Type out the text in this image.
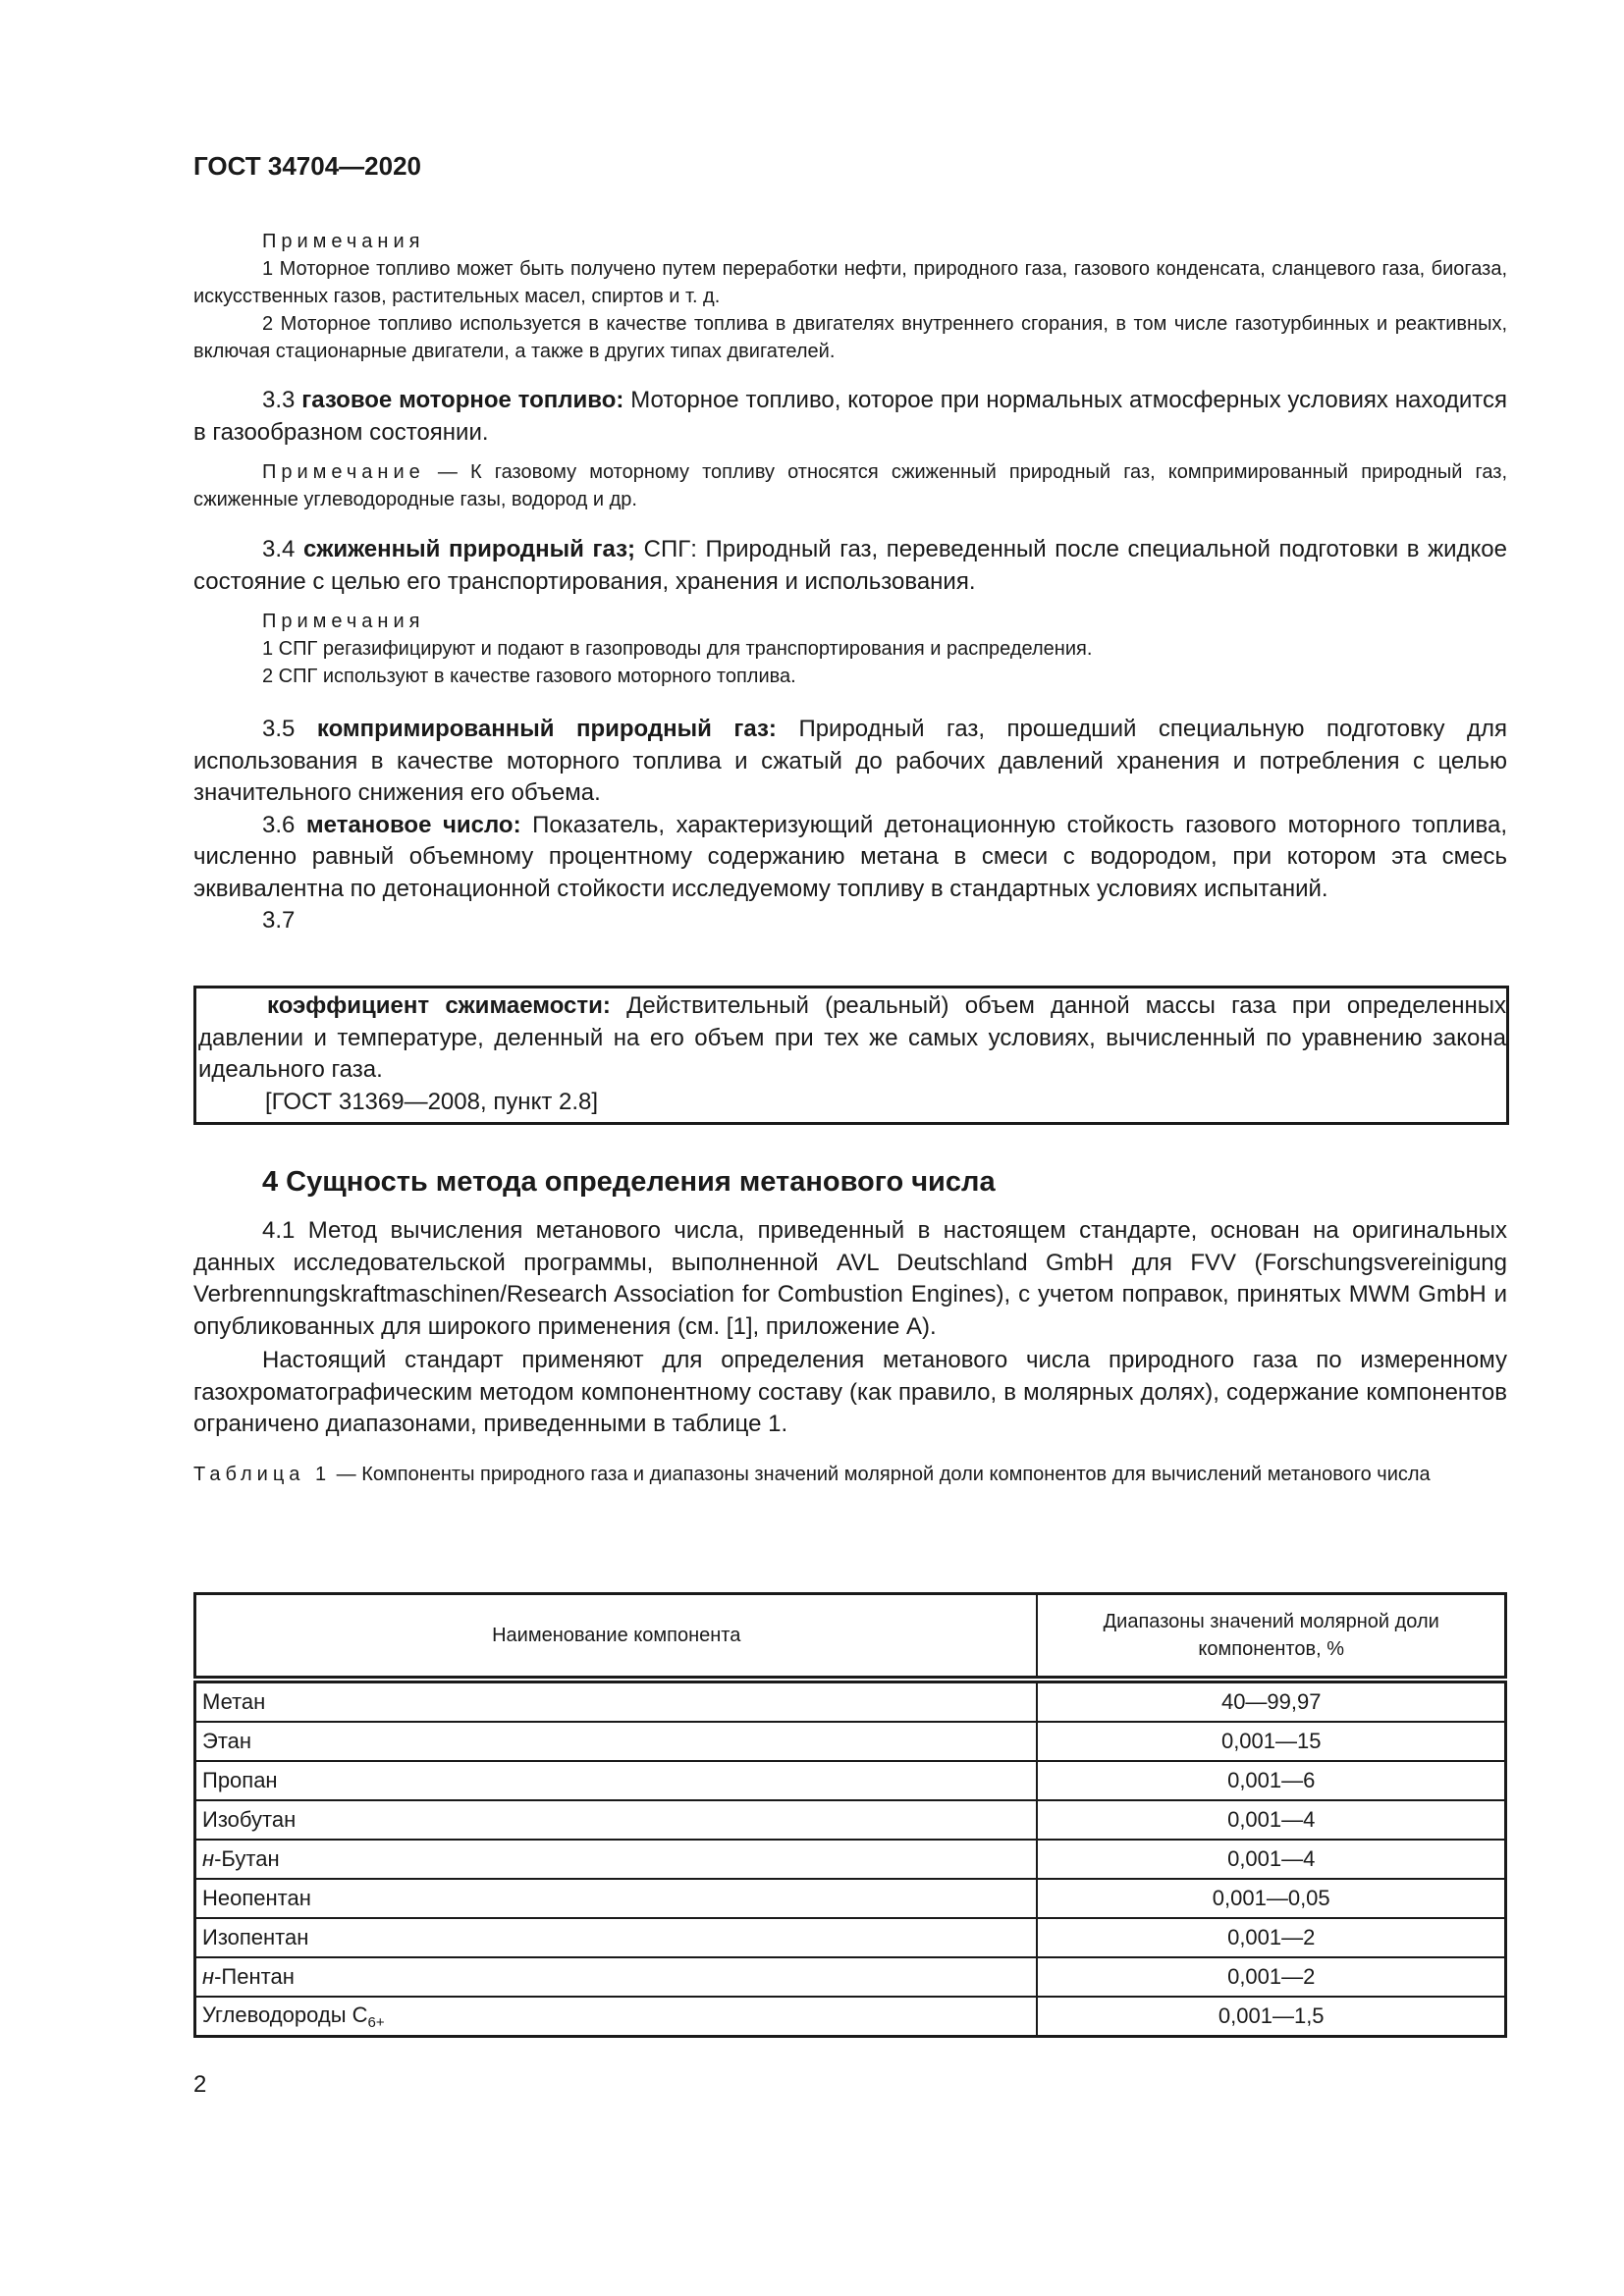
ГОСТ 34704—2020

Примечания

1 Моторное топливо может быть получено путем переработки нефти, природного газа, газового конденсата, сланцевого газа, биогаза, искусственных газов, растительных масел, спиртов и т. д.

2 Моторное топливо используется в качестве топлива в двигателях внутреннего сгорания, в том числе газотурбинных и реактивных, включая стационарные двигатели, а также в других типах двигателей.

3.3 газовое моторное топливо: Моторное топливо, которое при нормальных атмосферных условиях находится в газообразном состоянии.

Примечание — К газовому моторному топливу относятся сжиженный природный газ, компримированный природный газ, сжиженные углеводородные газы, водород и др.

3.4 сжиженный природный газ; СПГ: Природный газ, переведенный после специальной подготовки в жидкое состояние с целью его транспортирования, хранения и использования.

Примечания

1 СПГ регазифицируют и подают в газопроводы для транспортирования и распределения.

2 СПГ используют в качестве газового моторного топлива.

3.5 компримированный природный газ: Природный газ, прошедший специальную подготовку для использования в качестве моторного топлива и сжатый до рабочих давлений хранения и потребления с целью значительного снижения его объема.

3.6 метановое число: Показатель, характеризующий детонационную стойкость газового моторного топлива, численно равный объемному процентному содержанию метана в смеси с водородом, при котором эта смесь эквивалентна по детонационной стойкости исследуемому топливу в стандартных условиях испытаний.

3.7

коэффициент сжимаемости: Действительный (реальный) объем данной массы газа при определенных давлении и температуре, деленный на его объем при тех же самых условиях, вычисленный по уравнению закона идеального газа.

[ГОСТ 31369—2008, пункт 2.8]

4 Сущность метода определения метанового числа

4.1 Метод вычисления метанового числа, приведенный в настоящем стандарте, основан на оригинальных данных исследовательской программы, выполненной AVL Deutschland GmbH для FVV (Forschungsvereinigung Verbrennungskraftmaschinen/Research Association for Combustion Engines), с учетом поправок, принятых MWM GmbH и опубликованных для широкого применения (см. [1], приложение А).

Настоящий стандарт применяют для определения метанового числа природного газа по измеренному газохроматографическим методом компонентному составу (как правило, в молярных долях), содержание компонентов ограничено диапазонами, приведенными в таблице 1.

Таблица 1 — Компоненты природного газа и диапазоны значений молярной доли компонентов для вычислений метанового числа

Наименование компонента	Диапазоны значений молярной доли компонентов, %
Метан	40—99,97
Этан	0,001—15
Пропан	0,001—6
Изобутан	0,001—4
н-Бутан	0,001—4
Неопентан	0,001—0,05
Изопентан	0,001—2
н-Пентан	0,001—2
Углеводороды $C_{6+}$	0,001—1,5

2
